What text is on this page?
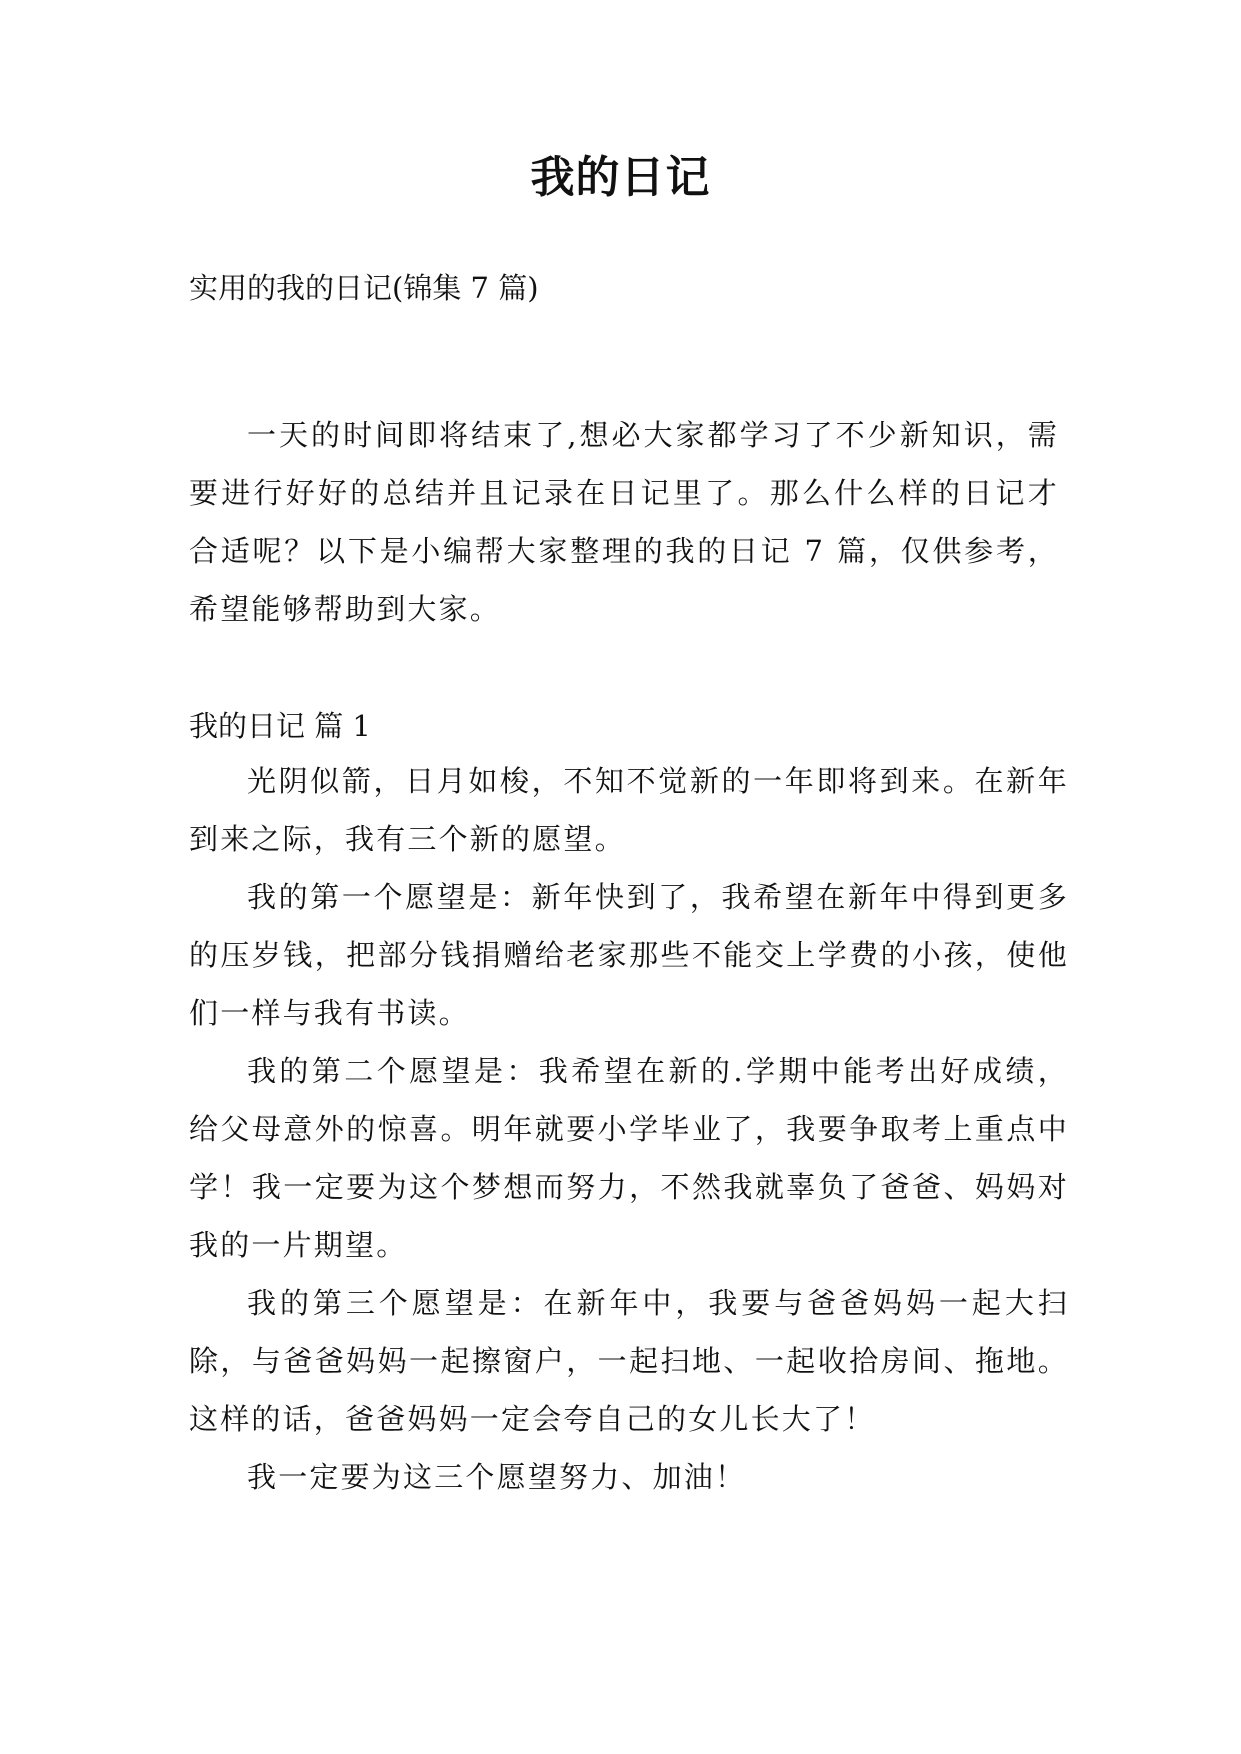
我的日记

实用的我的日记(锦集 7 篇)

一天的时间即将结束了,想必大家都学习了不少新知识，需要进行好好的总结并且记录在日记里了。那么什么样的日记才合适呢？以下是小编帮大家整理的我的日记 7 篇，仅供参考，希望能够帮助到大家。

我的日记 篇 1

光阴似箭，日月如梭，不知不觉新的一年即将到来。在新年到来之际，我有三个新的愿望。

我的第一个愿望是：新年快到了，我希望在新年中得到更多的压岁钱，把部分钱捐赠给老家那些不能交上学费的小孩，使他们一样与我有书读。

我的第二个愿望是：我希望在新的.学期中能考出好成绩，给父母意外的惊喜。明年就要小学毕业了，我要争取考上重点中学！我一定要为这个梦想而努力，不然我就辜负了爸爸、妈妈对我的一片期望。

我的第三个愿望是：在新年中，我要与爸爸妈妈一起大扫除，与爸爸妈妈一起擦窗户，一起扫地、一起收拾房间、拖地。这样的话，爸爸妈妈一定会夸自己的女儿长大了！

我一定要为这三个愿望努力、加油！
